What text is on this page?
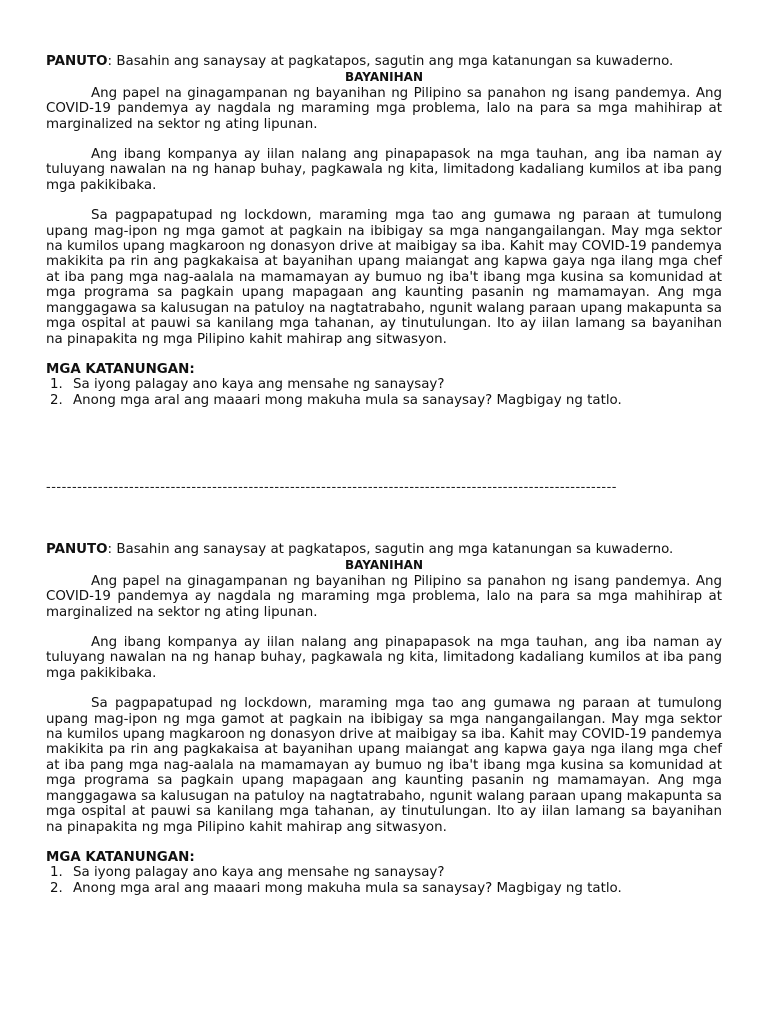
PANUTO: Basahin ang sanaysay at pagkatapos, sagutin ang mga katanungan sa kuwaderno.

BAYANIHAN

Ang papel na ginagampanan ng bayanihan ng Pilipino sa panahon ng isang pandemya. Ang COVID-19 pandemya ay nagdala ng maraming mga problema, lalo na para sa mga mahihirap at marginalized na sektor ng ating lipunan.

Ang ibang kompanya ay iilan nalang ang pinapapasok na mga tauhan, ang iba naman ay tuluyang nawalan na ng hanap buhay, pagkawala ng kita, limitadong kadaliang kumilos at iba pang mga pakikibaka.

Sa pagpapatupad ng lockdown, maraming mga tao ang gumawa ng paraan at tumulong upang mag-ipon ng mga gamot at pagkain na ibibigay sa mga nangangailangan. May mga sektor na kumilos upang magkaroon ng donasyon drive at maibigay sa iba. Kahit may COVID-19 pandemya makikita pa rin ang pagkakaisa at bayanihan upang maiangat ang kapwa gaya nga ilang mga chef at iba pang mga nag-aalala na mamamayan ay bumuo ng iba't ibang mga kusina sa komunidad at mga programa sa pagkain upang mapagaan ang kaunting pasanin ng mamamayan. Ang mga manggagawa sa kalusugan na patuloy na nagtatrabaho, ngunit walang paraan upang makapunta sa mga ospital at pauwi sa kanilang mga tahanan, ay tinutulungan. Ito ay iilan lamang sa bayanihan na pinapakita ng mga Pilipino kahit mahirap ang sitwasyon.

MGA KATANUNGAN:
1. Sa iyong palagay ano kaya ang mensahe ng sanaysay?
2. Anong mga aral ang maaari mong makuha mula sa sanaysay? Magbigay ng tatlo.
--------------------------------------------------------------------------------------------------------------

PANUTO: Basahin ang sanaysay at pagkatapos, sagutin ang mga katanungan sa kuwaderno.

BAYANIHAN

Ang papel na ginagampanan ng bayanihan ng Pilipino sa panahon ng isang pandemya. Ang COVID-19 pandemya ay nagdala ng maraming mga problema, lalo na para sa mga mahihirap at marginalized na sektor ng ating lipunan.

Ang ibang kompanya ay iilan nalang ang pinapapasok na mga tauhan, ang iba naman ay tuluyang nawalan na ng hanap buhay, pagkawala ng kita, limitadong kadaliang kumilos at iba pang mga pakikibaka.

Sa pagpapatupad ng lockdown, maraming mga tao ang gumawa ng paraan at tumulong upang mag-ipon ng mga gamot at pagkain na ibibigay sa mga nangangailangan. May mga sektor na kumilos upang magkaroon ng donasyon drive at maibigay sa iba. Kahit may COVID-19 pandemya makikita pa rin ang pagkakaisa at bayanihan upang maiangat ang kapwa gaya nga ilang mga chef at iba pang mga nag-aalala na mamamayan ay bumuo ng iba't ibang mga kusina sa komunidad at mga programa sa pagkain upang mapagaan ang kaunting pasanin ng mamamayan. Ang mga manggagawa sa kalusugan na patuloy na nagtatrabaho, ngunit walang paraan upang makapunta sa mga ospital at pauwi sa kanilang mga tahanan, ay tinutulungan. Ito ay iilan lamang sa bayanihan na pinapakita ng mga Pilipino kahit mahirap ang sitwasyon.

MGA KATANUNGAN:
1. Sa iyong palagay ano kaya ang mensahe ng sanaysay?
2. Anong mga aral ang maaari mong makuha mula sa sanaysay? Magbigay ng tatlo.
